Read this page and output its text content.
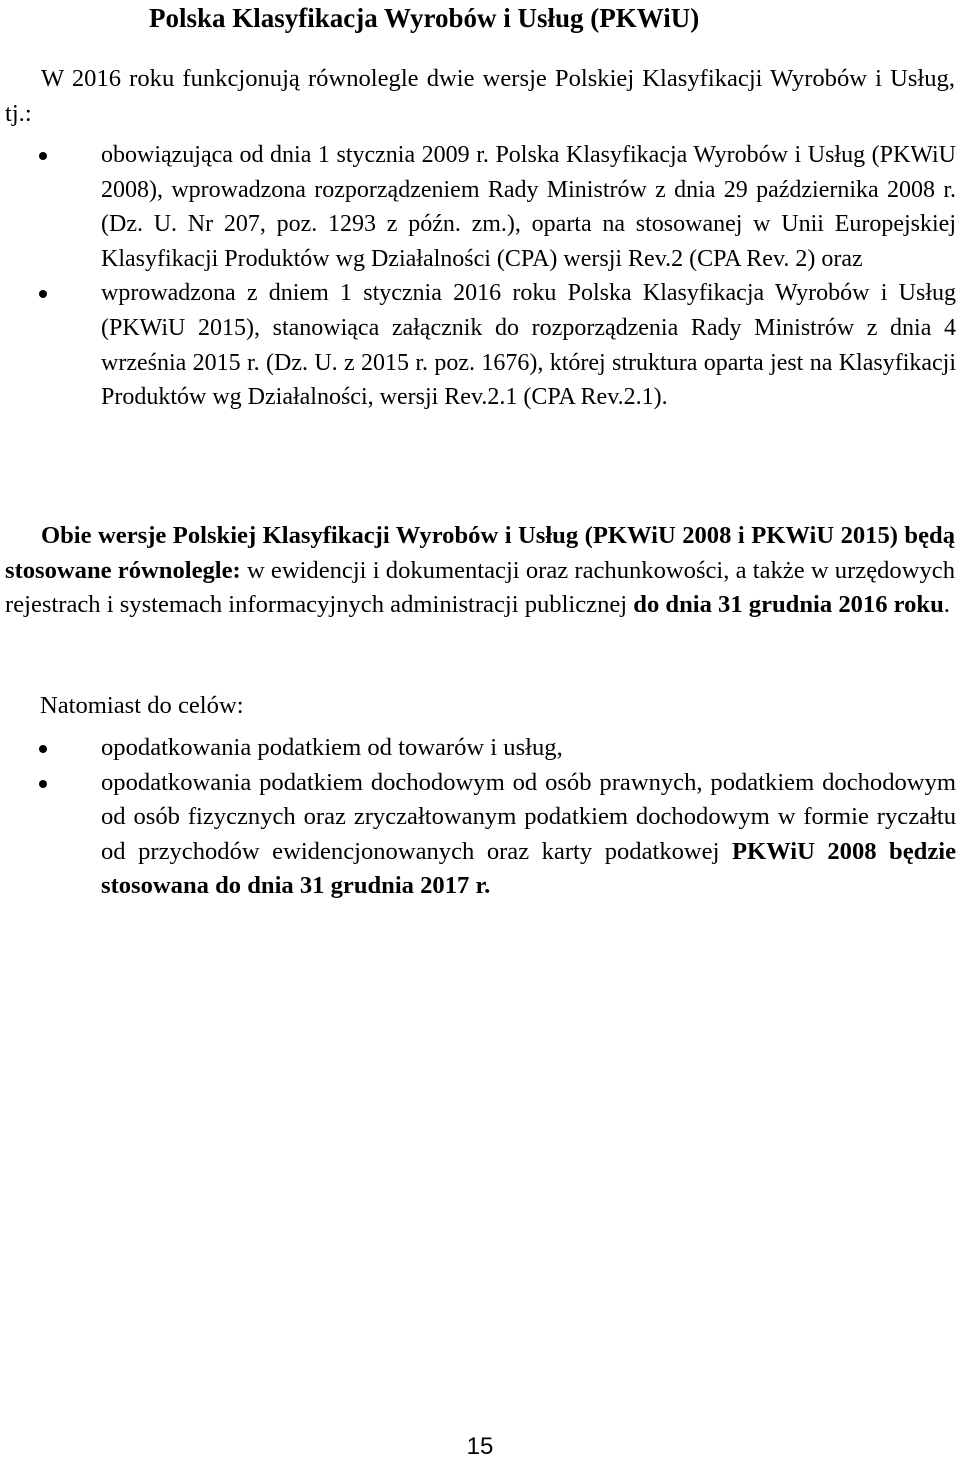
Polska Klasyfikacja Wyrobów i Usług (PKWiU)

W 2016 roku funkcjonują równolegle dwie wersje Polskiej Klasyfikacji Wyrobów i Usług, tj.:

obowiązująca od dnia 1 stycznia 2009 r. Polska Klasyfikacja Wyrobów i Usług (PKWiU 2008), wprowadzona rozporządzeniem Rady Ministrów z dnia 29 października 2008 r. (Dz. U. Nr 207, poz. 1293 z późn. zm.), oparta na stosowanej w Unii Europejskiej Klasyfikacji Produktów wg Działalności (CPA) wersji Rev.2 (CPA Rev. 2) oraz
wprowadzona z dniem 1 stycznia 2016 roku Polska Klasyfikacja Wyrobów i Usług (PKWiU 2015), stanowiąca załącznik do rozporządzenia Rady Ministrów z dnia 4 września 2015 r. (Dz. U. z 2015 r. poz. 1676), której struktura oparta jest na Klasyfikacji Produktów wg Działalności, wersji Rev.2.1 (CPA Rev.2.1).

Obie wersje Polskiej Klasyfikacji Wyrobów i Usług (PKWiU 2008 i PKWiU 2015) będą stosowane równolegle: w ewidencji i dokumentacji oraz rachunkowości, a także w urzędowych rejestrach i systemach informacyjnych administracji publicznej do dnia 31 grudnia 2016 roku.

Natomiast do celów:

opodatkowania podatkiem od towarów i usług,
opodatkowania podatkiem dochodowym od osób prawnych, podatkiem dochodowym od osób fizycznych oraz zryczałtowanym podatkiem dochodowym w formie ryczałtu od przychodów ewidencjonowanych oraz karty podatkowej PKWiU 2008 będzie stosowana do dnia 31 grudnia 2017 r.
15
